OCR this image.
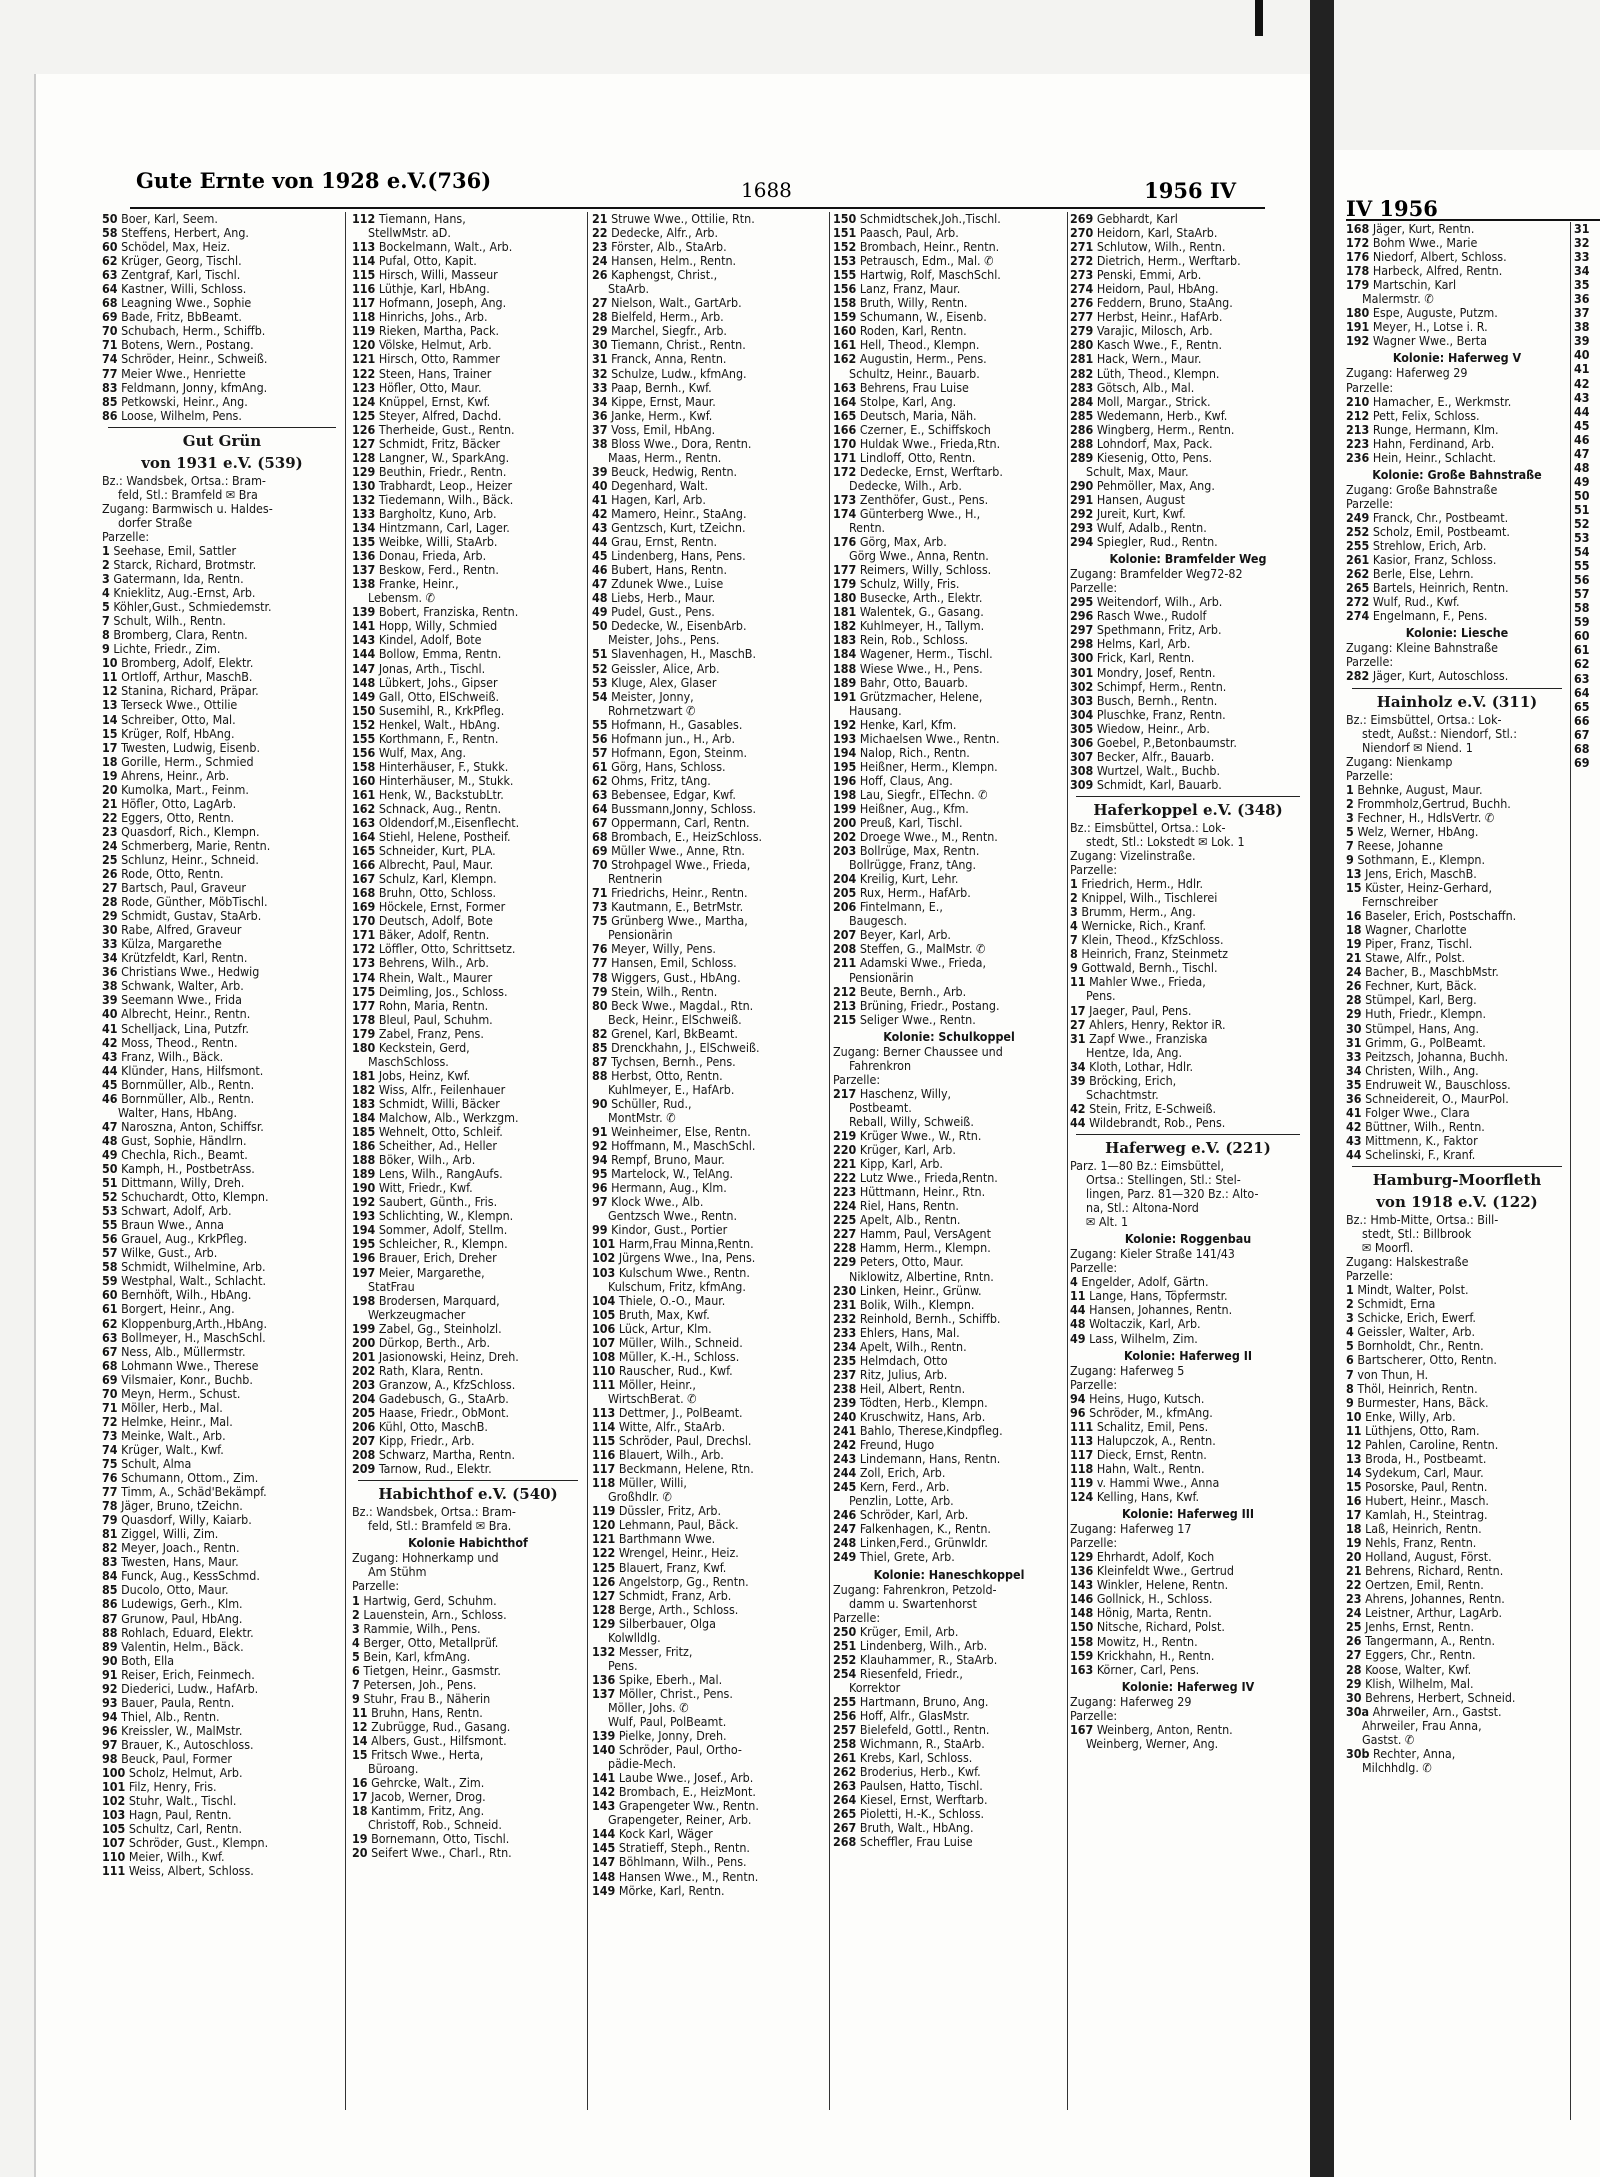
Gute Ernte von 1928 e.V.(736)	1688	1956 IV
IV 1956
50 Boer, Karl, Seem.
58 Steffens, Herbert, Ang.
60 Schödel, Max, Heiz.
62 Krüger, Georg, Tischl.
63 Zentgraf, Karl, Tischl.
64 Kastner, Willi, Schloss.
68 Leagning Wwe., Sophie
69 Bade, Fritz, BbBeamt.
70 Schubach, Herm., Schiffb.
71 Botens, Wern., Postang.
74 Schröder, Heinr., Schweiß.
77 Meier Wwe., Henriette
83 Feldmann, Jonny, kfmAng.
85 Petkowski, Heinr., Ang.
86 Loose, Wilhelm, Pens.
Gut Grün
von 1931 e.V. (539)
Bz.: Wandsbek, Ortsa.: Bram-
feld, Stl.: Bramfeld ✉ Bra
Zugang: Barmwisch u. Haldes-
dorfer Straße
Parzelle:
1 Seehase, Emil, Sattler
2 Starck, Richard, Brotmstr.
3 Gatermann, Ida, Rentn.
4 Knieklitz, Aug.-Ernst, Arb.
5 Köhler,Gust., Schmiedemstr.
7 Schult, Wilh., Rentn.
8 Bromberg, Clara, Rentn.
9 Lichte, Friedr., Zim.
10 Bromberg, Adolf, Elektr.
11 Ortloff, Arthur, MaschB.
12 Stanina, Richard, Präpar.
13 Terseck Wwe., Ottilie
14 Schreiber, Otto, Mal.
15 Krüger, Rolf, HbAng.
17 Twesten, Ludwig, Eisenb.
18 Gorille, Herm., Schmied
19 Ahrens, Heinr., Arb.
20 Kumolka, Mart., Feinm.
21 Höfler, Otto, LagArb.
22 Eggers, Otto, Rentn.
23 Quasdorf, Rich., Klempn.
24 Schmerberg, Marie, Rentn.
25 Schlunz, Heinr., Schneid.
26 Rode, Otto, Rentn.
27 Bartsch, Paul, Graveur
28 Rode, Günther, MöbTischl.
29 Schmidt, Gustav, StaArb.
30 Rabe, Alfred, Graveur
33 Külza, Margarethe
34 Krützfeldt, Karl, Rentn.
36 Christians Wwe., Hedwig
38 Schwank, Walter, Arb.
39 Seemann Wwe., Frida
40 Albrecht, Heinr., Rentn.
41 Schelljack, Lina, Putzfr.
42 Moss, Theod., Rentn.
43 Franz, Wilh., Bäck.
44 Klünder, Hans, Hilfsmont.
45 Bornmüller, Alb., Rentn.
46 Bornmüller, Alb., Rentn.
Walter, Hans, HbAng.
47 Naroszna, Anton, Schiffsr.
48 Gust, Sophie, Händlrn.
49 Chechla, Rich., Beamt.
50 Kamph, H., PostbetrAss.
51 Dittmann, Willy, Dreh.
52 Schuchardt, Otto, Klempn.
53 Schwart, Adolf, Arb.
55 Braun Wwe., Anna
56 Grauel, Aug., KrkPfleg.
57 Wilke, Gust., Arb.
58 Schmidt, Wilhelmine, Arb.
59 Westphal, Walt., Schlacht.
60 Bernhöft, Wilh., HbAng.
61 Borgert, Heinr., Ang.
62 Kloppenburg,Arth.,HbAng.
63 Bollmeyer, H., MaschSchl.
67 Ness, Alb., Müllermstr.
68 Lohmann Wwe., Therese
69 Vilsmaier, Konr., Buchb.
70 Meyn, Herm., Schust.
71 Möller, Herb., Mal.
72 Helmke, Heinr., Mal.
73 Meinke, Walt., Arb.
74 Krüger, Walt., Kwf.
75 Schult, Alma
76 Schumann, Ottom., Zim.
77 Timm, A., Schäd'Bekämpf.
78 Jäger, Bruno, tZeichn.
79 Quasdorf, Willy, Kaiarb.
81 Ziggel, Willi, Zim.
82 Meyer, Joach., Rentn.
83 Twesten, Hans, Maur.
84 Funck, Aug., KessSchmd.
85 Ducolo, Otto, Maur.
86 Ludewigs, Gerh., Klm.
87 Grunow, Paul, HbAng.
88 Rohlach, Eduard, Elektr.
89 Valentin, Helm., Bäck.
90 Both, Ella
91 Reiser, Erich, Feinmech.
92 Diederici, Ludw., HafArb.
93 Bauer, Paula, Rentn.
94 Thiel, Alb., Rentn.
96 Kreissler, W., MalMstr.
97 Brauer, K., Autoschloss.
98 Beuck, Paul, Former
100 Scholz, Helmut, Arb.
101 Filz, Henry, Fris.
102 Stuhr, Walt., Tischl.
103 Hagn, Paul, Rentn.
105 Schultz, Carl, Rentn.
107 Schröder, Gust., Klempn.
110 Meier, Wilh., Kwf.
111 Weiss, Albert, Schloss.
112 Tiemann, Hans,
StellwMstr. aD.
113 Bockelmann, Walt., Arb.
114 Pufal, Otto, Kapit.
115 Hirsch, Willi, Masseur
116 Lüthje, Karl, HbAng.
117 Hofmann, Joseph, Ang.
118 Hinrichs, Johs., Arb.
119 Rieken, Martha, Pack.
120 Völske, Helmut, Arb.
121 Hirsch, Otto, Rammer
122 Steen, Hans, Trainer
123 Höfler, Otto, Maur.
124 Knüppel, Ernst, Kwf.
125 Steyer, Alfred, Dachd.
126 Therheide, Gust., Rentn.
127 Schmidt, Fritz, Bäcker
128 Langner, W., SparkAng.
129 Beuthin, Friedr., Rentn.
130 Trabhardt, Leop., Heizer
132 Tiedemann, Wilh., Bäck.
133 Bargholtz, Kuno, Arb.
134 Hintzmann, Carl, Lager.
135 Weibke, Willi, StaArb.
136 Donau, Frieda, Arb.
137 Beskow, Ferd., Rentn.
138 Franke, Heinr.,
Lebensm. ✆
139 Bobert, Franziska, Rentn.
141 Hopp, Willy, Schmied
143 Kindel, Adolf, Bote
144 Bollow, Emma, Rentn.
147 Jonas, Arth., Tischl.
148 Lübkert, Johs., Gipser
149 Gall, Otto, ElSchweiß.
150 Susemihl, R., KrkPfleg.
152 Henkel, Walt., HbAng.
155 Korthmann, F., Rentn.
156 Wulf, Max, Ang.
158 Hinterhäuser, F., Stukk.
160 Hinterhäuser, M., Stukk.
161 Henk, W., BackstubLtr.
162 Schnack, Aug., Rentn.
163 Oldendorf,M.,Eisenflecht.
164 Stiehl, Helene, Postheif.
165 Schneider, Kurt, PLA.
166 Albrecht, Paul, Maur.
167 Schulz, Karl, Klempn.
168 Bruhn, Otto, Schloss.
169 Höckele, Ernst, Former
170 Deutsch, Adolf, Bote
171 Bäker, Adolf, Rentn.
172 Löffler, Otto, Schrittsetz.
173 Behrens, Wilh., Arb.
174 Rhein, Walt., Maurer
175 Deimling, Jos., Schloss.
177 Rohn, Maria, Rentn.
178 Bleul, Paul, Schuhm.
179 Zabel, Franz, Pens.
180 Keckstein, Gerd,
MaschSchloss.
181 Jobs, Heinz, Kwf.
182 Wiss, Alfr., Feilenhauer
183 Schmidt, Willi, Bäcker
184 Malchow, Alb., Werkzgm.
185 Wehnelt, Otto, Schleif.
186 Scheither, Ad., Heller
188 Böker, Wilh., Arb.
189 Lens, Wilh., RangAufs.
190 Witt, Friedr., Kwf.
192 Saubert, Günth., Fris.
193 Schlichting, W., Klempn.
194 Sommer, Adolf, Stellm.
195 Schleicher, R., Klempn.
196 Brauer, Erich, Dreher
197 Meier, Margarethe,
StatFrau
198 Brodersen, Marquard,
Werkzeugmacher
199 Zabel, Gg., Steinholzl.
200 Dürkop, Berth., Arb.
201 Jasionowski, Heinz, Dreh.
202 Rath, Klara, Rentn.
203 Granzow, A., KfzSchloss.
204 Gadebusch, G., StaArb.
205 Haase, Friedr., ObMont.
206 Kühl, Otto, MaschB.
207 Kipp, Friedr., Arb.
208 Schwarz, Martha, Rentn.
209 Tarnow, Rud., Elektr.
Habichthof e.V. (540)
Bz.: Wandsbek, Ortsa.: Bram-
feld, Stl.: Bramfeld ✉ Bra.
Kolonie Habichthof
Zugang: Hohnerkamp und
Am Stühm
Parzelle:
1 Hartwig, Gerd, Schuhm.
2 Lauenstein, Arn., Schloss.
3 Rammie, Wilh., Pens.
4 Berger, Otto, Metallprüf.
5 Bein, Karl, kfmAng.
6 Tietgen, Heinr., Gasmstr.
7 Petersen, Joh., Pens.
9 Stuhr, Frau B., Näherin
11 Bruhn, Hans, Rentn.
12 Zubrügge, Rud., Gasang.
14 Albers, Gust., Hilfsmont.
15 Fritsch Wwe., Herta,
Büroang.
16 Gehrcke, Walt., Zim.
17 Jacob, Werner, Drog.
18 Kantimm, Fritz, Ang.
Christoff, Rob., Schneid.
19 Bornemann, Otto, Tischl.
20 Seifert Wwe., Charl., Rtn.
21 Struwe Wwe., Ottilie, Rtn.
22 Dedecke, Alfr., Arb.
23 Förster, Alb., StaArb.
24 Hansen, Helm., Rentn.
26 Kaphengst, Christ.,
StaArb.
27 Nielson, Walt., GartArb.
28 Bielfeld, Herm., Arb.
29 Marchel, Siegfr., Arb.
30 Tiemann, Christ., Rentn.
31 Franck, Anna, Rentn.
32 Schulze, Ludw., kfmAng.
33 Paap, Bernh., Kwf.
34 Kippe, Ernst, Maur.
36 Janke, Herm., Kwf.
37 Voss, Emil, HbAng.
38 Bloss Wwe., Dora, Rentn.
Maas, Herm., Rentn.
39 Beuck, Hedwig, Rentn.
40 Degenhard, Walt.
41 Hagen, Karl, Arb.
42 Mamero, Heinr., StaAng.
43 Gentzsch, Kurt, tZeichn.
44 Grau, Ernst, Rentn.
45 Lindenberg, Hans, Pens.
46 Bubert, Hans, Rentn.
47 Zdunek Wwe., Luise
48 Liebs, Herb., Maur.
49 Pudel, Gust., Pens.
50 Dedecke, W., EisenbArb.
Meister, Johs., Pens.
51 Slavenhagen, H., MaschB.
52 Geissler, Alice, Arb.
53 Kluge, Alex, Glaser
54 Meister, Jonny,
Rohrnetzwart ✆
55 Hofmann, H., Gasables.
56 Hofmann jun., H., Arb.
57 Hofmann, Egon, Steinm.
61 Görg, Hans, Schloss.
62 Ohms, Fritz, tAng.
63 Bebensee, Edgar, Kwf.
64 Bussmann,Jonny, Schloss.
67 Oppermann, Carl, Rentn.
68 Brombach, E., HeizSchloss.
69 Müller Wwe., Anne, Rtn.
70 Strohpagel Wwe., Frieda,
Rentnerin
71 Friedrichs, Heinr., Rentn.
73 Kautmann, E., BetrMstr.
75 Grünberg Wwe., Martha,
Pensionärin
76 Meyer, Willy, Pens.
77 Hansen, Emil, Schloss.
78 Wiggers, Gust., HbAng.
79 Stein, Wilh., Rentn.
80 Beck Wwe., Magdal., Rtn.
Beck, Heinr., ElSchweiß.
82 Grenel, Karl, BkBeamt.
85 Drenckhahn, J., ElSchweiß.
87 Tychsen, Bernh., Pens.
88 Herbst, Otto, Rentn.
Kuhlmeyer, E., HafArb.
90 Schüller, Rud.,
MontMstr. ✆
91 Weinheimer, Else, Rentn.
92 Hoffmann, M., MaschSchl.
94 Rempf, Bruno, Maur.
95 Martelock, W., TelAng.
96 Hermann, Aug., Klm.
97 Klock Wwe., Alb.
Gentzsch Wwe., Rentn.
99 Kindor, Gust., Portier
101 Harm,Frau Minna,Rentn.
102 Jürgens Wwe., Ina, Pens.
103 Kulschum Wwe., Rentn.
Kulschum, Fritz, kfmAng.
104 Thiele, O.-O., Maur.
105 Bruth, Max, Kwf.
106 Lück, Artur, Klm.
107 Müller, Wilh., Schneid.
108 Müller, K.-H., Schloss.
110 Rauscher, Rud., Kwf.
111 Möller, Heinr.,
WirtschBerat. ✆
113 Dettmer, J., PolBeamt.
114 Witte, Alfr., StaArb.
115 Schröder, Paul, Drechsl.
116 Blauert, Wilh., Arb.
117 Beckmann, Helene, Rtn.
118 Müller, Willi,
Großhdlr. ✆
119 Düssler, Fritz, Arb.
120 Lehmann, Paul, Bäck.
121 Barthmann Wwe.
122 Wrengel, Heinr., Heiz.
125 Blauert, Franz, Kwf.
126 Angelstorp, Gg., Rentn.
127 Schmidt, Franz, Arb.
128 Berge, Arth., Schloss.
129 Silberbauer, Olga
Kolwlldlg.
132 Messer, Fritz,
Pens.
136 Spike, Eberh., Mal.
137 Möller, Christ., Pens.
Möller, Johs. ✆
Wulf, Paul, PolBeamt.
139 Pielke, Jonny, Dreh.
140 Schröder, Paul, Ortho-
pädie-Mech.
141 Laube Wwe., Josef., Arb.
142 Brombach, E., HeizMont.
143 Grapengeter Ww., Rentn.
Grapengeter, Reiner, Arb.
144 Kock Karl, Wäger
145 Stratieff, Steph., Rentn.
147 Böhlmann, Wilh., Pens.
148 Hansen Wwe., M., Rentn.
149 Mörke, Karl, Rentn.
150 Schmidtschek,Joh.,Tischl.
151 Paasch, Paul, Arb.
152 Brombach, Heinr., Rentn.
153 Petrausch, Edm., Mal. ✆
155 Hartwig, Rolf, MaschSchl.
156 Lanz, Franz, Maur.
158 Bruth, Willy, Rentn.
159 Schumann, W., Eisenb.
160 Roden, Karl, Rentn.
161 Hell, Theod., Klempn.
162 Augustin, Herm., Pens.
Schultz, Heinr., Bauarb.
163 Behrens, Frau Luise
164 Stolpe, Karl, Ang.
165 Deutsch, Maria, Näh.
166 Czerner, E., Schiffskoch
170 Huldak Wwe., Frieda,Rtn.
171 Lindloff, Otto, Rentn.
172 Dedecke, Ernst, Werftarb.
Dedecke, Wilh., Arb.
173 Zenthöfer, Gust., Pens.
174 Günterberg Wwe., H.,
Rentn.
176 Görg, Max, Arb.
Görg Wwe., Anna, Rentn.
177 Reimers, Willy, Schloss.
179 Schulz, Willy, Fris.
180 Busecke, Arth., Elektr.
181 Walentek, G., Gasang.
182 Kuhlmeyer, H., Tallym.
183 Rein, Rob., Schloss.
184 Wagener, Herm., Tischl.
188 Wiese Wwe., H., Pens.
189 Bahr, Otto, Bauarb.
191 Grützmacher, Helene,
Hausang.
192 Henke, Karl, Kfm.
193 Michaelsen Wwe., Rentn.
194 Nalop, Rich., Rentn.
195 Heißner, Herm., Klempn.
196 Hoff, Claus, Ang.
198 Lau, Siegfr., ElTechn. ✆
199 Heißner, Aug., Kfm.
200 Preuß, Karl, Tischl.
202 Droege Wwe., M., Rentn.
203 Bollrüge, Max, Rentn.
Bollrügge, Franz, tAng.
204 Kreilig, Kurt, Lehr.
205 Rux, Herm., HafArb.
206 Fintelmann, E.,
Baugesch.
207 Beyer, Karl, Arb.
208 Steffen, G., MalMstr. ✆
211 Adamski Wwe., Frieda,
Pensionärin
212 Beute, Bernh., Arb.
213 Brüning, Friedr., Postang.
215 Seliger Wwe., Rentn.
Kolonie: Schulkoppel
Zugang: Berner Chaussee und
Fahrenkron
Parzelle:
217 Haschenz, Willy,
Postbeamt.
Reball, Willy, Schweiß.
219 Krüger Wwe., W., Rtn.
220 Krüger, Karl, Arb.
221 Kipp, Karl, Arb.
222 Lutz Wwe., Frieda,Rentn.
223 Hüttmann, Heinr., Rtn.
224 Riel, Hans, Rentn.
225 Apelt, Alb., Rentn.
227 Hamm, Paul, VersAgent
228 Hamm, Herm., Klempn.
229 Peters, Otto, Maur.
Niklowitz, Albertine, Rntn.
230 Linken, Heinr., Grünw.
231 Bolik, Wilh., Klempn.
232 Reinhold, Bernh., Schiffb.
233 Ehlers, Hans, Mal.
234 Apelt, Wilh., Rentn.
235 Helmdach, Otto
237 Ritz, Julius, Arb.
238 Heil, Albert, Rentn.
239 Tödten, Herb., Klempn.
240 Kruschwitz, Hans, Arb.
241 Bahlo, Therese,Kindpfleg.
242 Freund, Hugo
243 Lindemann, Hans, Rentn.
244 Zoll, Erich, Arb.
245 Kern, Ferd., Arb.
Penzlin, Lotte, Arb.
246 Schröder, Karl, Arb.
247 Falkenhagen, K., Rentn.
248 Linken,Ferd., Grünwldr.
249 Thiel, Grete, Arb.
Kolonie: Haneschkoppel
Zugang: Fahrenkron, Petzold-
damm u. Swartenhorst
Parzelle:
250 Krüger, Emil, Arb.
251 Lindenberg, Wilh., Arb.
252 Klauhammer, R., StaArb.
254 Riesenfeld, Friedr.,
Korrektor
255 Hartmann, Bruno, Ang.
256 Hoff, Alfr., GlasMstr.
257 Bielefeld, Gottl., Rentn.
258 Wichmann, R., StaArb.
261 Krebs, Karl, Schloss.
262 Broderius, Herb., Kwf.
263 Paulsen, Hatto, Tischl.
264 Kiesel, Ernst, Werftarb.
265 Pioletti, H.-K., Schloss.
267 Bruth, Walt., HbAng.
268 Scheffler, Frau Luise
269 Gebhardt, Karl
270 Heidorn, Karl, StaArb.
271 Schlutow, Wilh., Rentn.
272 Dietrich, Herm., Werftarb.
273 Penski, Emmi, Arb.
274 Heidorn, Paul, HbAng.
276 Feddern, Bruno, StaAng.
277 Herbst, Heinr., HafArb.
279 Varajic, Milosch, Arb.
280 Kasch Wwe., F., Rentn.
281 Hack, Wern., Maur.
282 Lüth, Theod., Klempn.
283 Götsch, Alb., Mal.
284 Moll, Margar., Strick.
285 Wedemann, Herb., Kwf.
286 Wingberg, Herm., Rentn.
288 Lohndorf, Max, Pack.
289 Kiesenig, Otto, Pens.
Schult, Max, Maur.
290 Pehmöller, Max, Ang.
291 Hansen, August
292 Jureit, Kurt, Kwf.
293 Wulf, Adalb., Rentn.
294 Spiegler, Rud., Rentn.
Kolonie: Bramfelder Weg
Zugang: Bramfelder Weg72-82
Parzelle:
295 Weitendorf, Wilh., Arb.
296 Rasch Wwe., Rudolf
297 Spethmann, Fritz, Arb.
298 Helms, Karl, Arb.
300 Frick, Karl, Rentn.
301 Mondry, Josef, Rentn.
302 Schimpf, Herm., Rentn.
303 Busch, Bernh., Rentn.
304 Pluschke, Franz, Rentn.
305 Wiedow, Heinr., Arb.
306 Goebel, P.,Betonbaumstr.
307 Becker, Alfr., Bauarb.
308 Wurtzel, Walt., Buchb.
309 Schmidt, Karl, Bauarb.
Haferkoppel e.V. (348)
Bz.: Eimsbüttel, Ortsa.: Lok-
stedt, Stl.: Lokstedt ✉ Lok. 1
Zugang: Vizelinstraße.
Parzelle:
1 Friedrich, Herm., Hdlr.
2 Knippel, Wilh., Tischlerei
3 Brumm, Herm., Ang.
4 Wernicke, Rich., Kranf.
7 Klein, Theod., KfzSchloss.
8 Heinrich, Franz, Steinmetz
9 Gottwald, Bernh., Tischl.
11 Mahler Wwe., Frieda,
Pens.
17 Jaeger, Paul, Pens.
27 Ahlers, Henry, Rektor iR.
31 Zapf Wwe., Franziska
Hentze, Ida, Ang.
34 Kloth, Lothar, Hdlr.
39 Bröcking, Erich,
Schachtmstr.
42 Stein, Fritz, E-Schweiß.
44 Wildebrandt, Rob., Pens.
Haferweg e.V. (221)
Parz. 1—80 Bz.: Eimsbüttel,
Ortsa.: Stellingen, Stl.: Stel-
lingen, Parz. 81—320 Bz.: Alto-
na, Stl.: Altona-Nord
✉ Alt. 1
Kolonie: Roggenbau
Zugang: Kieler Straße 141/43
Parzelle:
4 Engelder, Adolf, Gärtn.
11 Lange, Hans, Töpfermstr.
44 Hansen, Johannes, Rentn.
48 Woltaczik, Karl, Arb.
49 Lass, Wilhelm, Zim.
Kolonie: Haferweg II
Zugang: Haferweg 5
Parzelle:
94 Heins, Hugo, Kutsch.
96 Schröder, M., kfmAng.
111 Schalitz, Emil, Pens.
113 Halupczok, A., Rentn.
117 Dieck, Ernst, Rentn.
118 Hahn, Walt., Rentn.
119 v. Hammi Wwe., Anna
124 Kelling, Hans, Kwf.
Kolonie: Haferweg III
Zugang: Haferweg 17
Parzelle:
129 Ehrhardt, Adolf, Koch
136 Kleinfeldt Wwe., Gertrud
143 Winkler, Helene, Rentn.
146 Gollnick, H., Schloss.
148 Hönig, Marta, Rentn.
150 Nitsche, Richard, Polst.
158 Mowitz, H., Rentn.
159 Krickhahn, H., Rentn.
163 Körner, Carl, Pens.
Kolonie: Haferweg IV
Zugang: Haferweg 29
Parzelle:
167 Weinberg, Anton, Rentn.
Weinberg, Werner, Ang.
168 Jäger, Kurt, Rentn.
172 Bohm Wwe., Marie
176 Niedorf, Albert, Schloss.
178 Harbeck, Alfred, Rentn.
179 Martschin, Karl
Malermstr. ✆
180 Espe, Auguste, Putzm.
191 Meyer, H., Lotse i. R.
192 Wagner Wwe., Berta
Kolonie: Haferweg V
Zugang: Haferweg 29
Parzelle:
210 Hamacher, E., Werkmstr.
212 Pett, Felix, Schloss.
213 Runge, Hermann, Klm.
223 Hahn, Ferdinand, Arb.
236 Hein, Heinr., Schlacht.
Kolonie: Große Bahnstraße
Zugang: Große Bahnstraße
Parzelle:
249 Franck, Chr., Postbeamt.
252 Scholz, Emil, Postbeamt.
255 Strehlow, Erich, Arb.
261 Kasior, Franz, Schloss.
262 Berle, Else, Lehrn.
265 Bartels, Heinrich, Rentn.
272 Wulf, Rud., Kwf.
274 Engelmann, F., Pens.
Kolonie: Liesche
Zugang: Kleine Bahnstraße
Parzelle:
282 Jäger, Kurt, Autoschloss.
Hainholz e.V. (311)
Bz.: Eimsbüttel, Ortsa.: Lok-
stedt, Außst.: Niendorf, Stl.:
Niendorf ✉ Niend. 1
Zugang: Nienkamp
Parzelle:
1 Behnke, August, Maur.
2 Frommholz,Gertrud, Buchh.
3 Fechner, H., HdlsVertr. ✆
5 Welz, Werner, HbAng.
7 Reese, Johanne
9 Sothmann, E., Klempn.
13 Jens, Erich, MaschB.
15 Küster, Heinz-Gerhard,
Fernschreiber
16 Baseler, Erich, Postschaffn.
18 Wagner, Charlotte
19 Piper, Franz, Tischl.
21 Stawe, Alfr., Polst.
24 Bacher, B., MaschbMstr.
26 Fechner, Kurt, Bäck.
28 Stümpel, Karl, Berg.
29 Huth, Friedr., Klempn.
30 Stümpel, Hans, Ang.
31 Grimm, G., PolBeamt.
33 Peitzsch, Johanna, Buchh.
34 Christen, Wilh., Ang.
35 Endruweit W., Bauschloss.
36 Schneidereit, O., MaurPol.
41 Folger Wwe., Clara
42 Büttner, Wilh., Rentn.
43 Mittmenn, K., Faktor
44 Schelinski, F., Kranf.
Hamburg-Moorfleth
von 1918 e.V. (122)
Bz.: Hmb-Mitte, Ortsa.: Bill-
stedt, Stl.: Billbrook
✉ Moorfl.
Zugang: Halskestraße
Parzelle:
1 Mindt, Walter, Polst.
2 Schmidt, Erna
3 Schicke, Erich, Ewerf.
4 Geissler, Walter, Arb.
5 Bornholdt, Chr., Rentn.
6 Bartscherer, Otto, Rentn.
7 von Thun, H.
8 Thöl, Heinrich, Rentn.
9 Burmester, Hans, Bäck.
10 Enke, Willy, Arb.
11 Lüthjens, Otto, Ram.
12 Pahlen, Caroline, Rentn.
13 Broda, H., Postbeamt.
14 Sydekum, Carl, Maur.
15 Posorske, Paul, Rentn.
16 Hubert, Heinr., Masch.
17 Kamlah, H., Steintrag.
18 Laß, Heinrich, Rentn.
19 Nehls, Franz, Rentn.
20 Holland, August, Först.
21 Behrens, Richard, Rentn.
22 Oertzen, Emil, Rentn.
23 Ahrens, Johannes, Rentn.
24 Leistner, Arthur, LagArb.
25 Jenhs, Ernst, Rentn.
26 Tangermann, A., Rentn.
27 Eggers, Chr., Rentn.
28 Koose, Walter, Kwf.
29 Klish, Wilhelm, Mal.
30 Behrens, Herbert, Schneid.
30a Ahrweiler, Arn., Gastst.
Ahrweiler, Frau Anna,
Gastst. ✆
30b Rechter, Anna,
Milchhdlg. ✆
31
32
33
34
35
36
37
38
39
40
41
42
43
44
45
46
47
48
49
50
51
52
53
54
55
56
57
58
59
60
61
62
63
64
65
66
67
68
69
